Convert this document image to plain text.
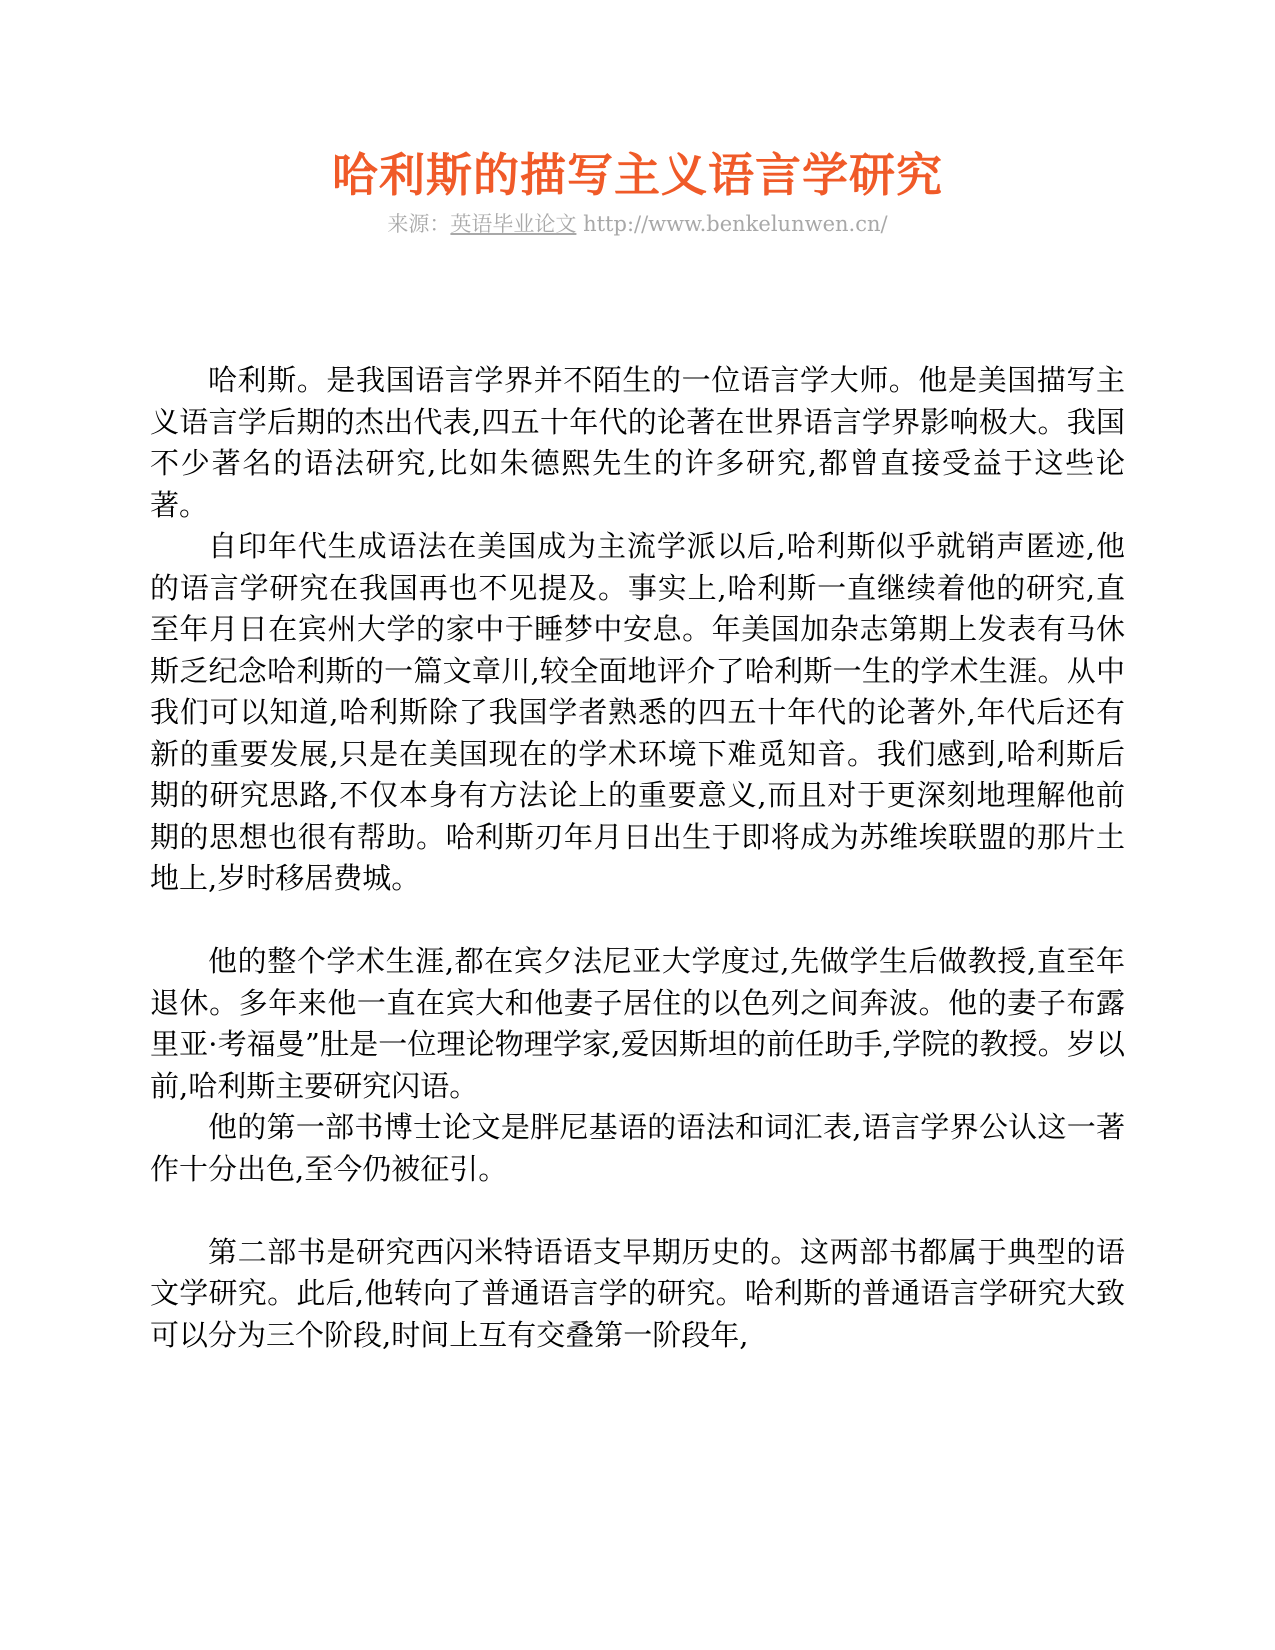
哈利斯的描写主义语言学研究
来源：英语毕业论文 http://www.benkelunwen.cn/

哈利斯。是我国语言学界并不陌生的一位语言学大师。他是美国描写主义语言学后期的杰出代表,四五十年代的论著在世界语言学界影响极大。我国不少著名的语法研究,比如朱德熙先生的许多研究,都曾直接受益于这些论著。

自印年代生成语法在美国成为主流学派以后,哈利斯似乎就销声匿迹,他的语言学研究在我国再也不见提及。事实上,哈利斯一直继续着他的研究,直至年月日在宾州大学的家中于睡梦中安息。年美国加杂志第期上发表有马休斯乏纪念哈利斯的一篇文章川,较全面地评介了哈利斯一生的学术生涯。从中我们可以知道,哈利斯除了我国学者熟悉的四五十年代的论著外,年代后还有新的重要发展,只是在美国现在的学术环境下难觅知音。我们感到,哈利斯后期的研究思路,不仅本身有方法论上的重要意义,而且对于更深刻地理解他前期的思想也很有帮助。哈利斯刃年月日出生于即将成为苏维埃联盟的那片土地上,岁时移居费城。

他的整个学术生涯,都在宾夕法尼亚大学度过,先做学生后做教授,直至年退休。多年来他一直在宾大和他妻子居住的以色列之间奔波。他的妻子布露里亚·考福曼”肚是一位理论物理学家,爱因斯坦的前任助手,学院的教授。岁以前,哈利斯主要研究闪语。

他的第一部书博士论文是胖尼基语的语法和词汇表,语言学界公认这一著作十分出色,至今仍被征引。

第二部书是研究西闪米特语语支早期历史的。这两部书都属于典型的语文学研究。此后,他转向了普通语言学的研究。哈利斯的普通语言学研究大致可以分为三个阶段,时间上互有交叠第一阶段年,
